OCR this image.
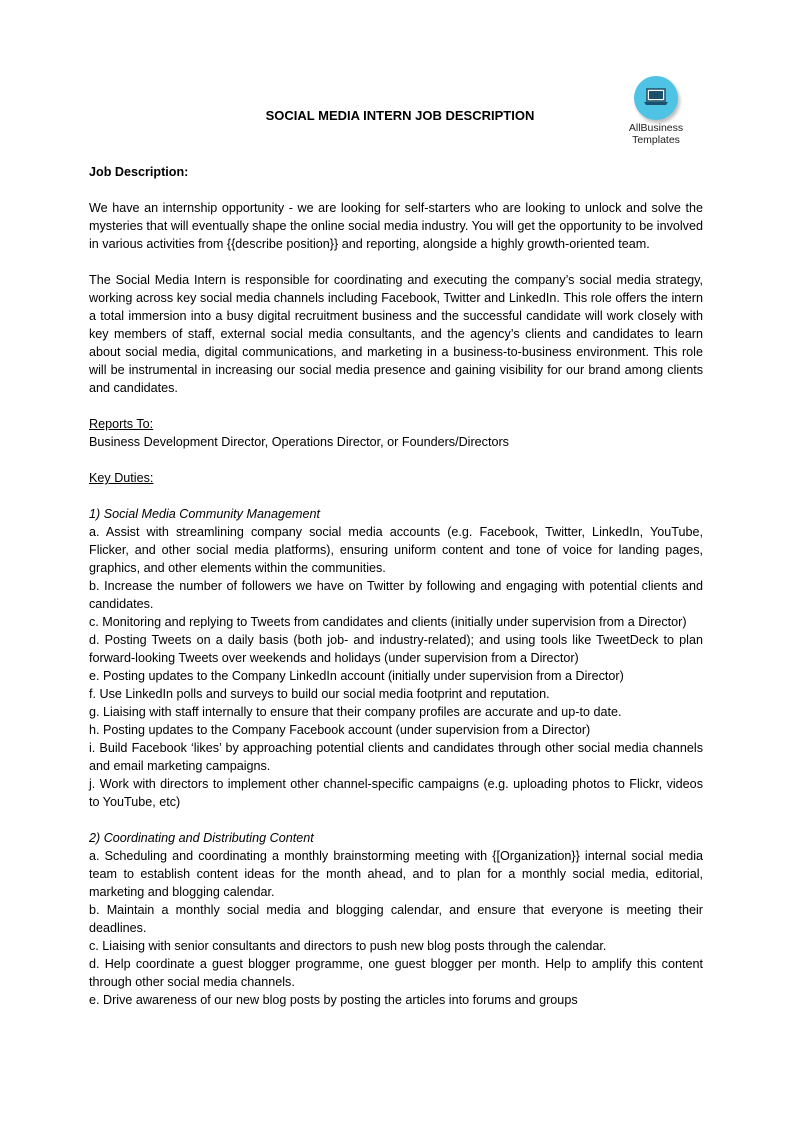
AllBusiness
Templates
SOCIAL MEDIA INTERN JOB DESCRIPTION

Job Description:

We have an internship opportunity - we are looking for self-starters who are looking to unlock and solve the mysteries that will eventually shape the online social media industry. You will get the opportunity to be involved in various activities from {{describe position}} and reporting, alongside a highly growth-oriented team.

The Social Media Intern is responsible for coordinating and executing the company’s social media strategy, working across key social media channels including Facebook, Twitter and LinkedIn. This role offers the intern a total immersion into a busy digital recruitment business and the successful candidate will work closely with key members of staff, external social media consultants, and the agency’s clients and candidates to learn about social media, digital communications, and marketing in a business-to-business environment. This role will be instrumental in increasing our social media presence and gaining visibility for our brand among clients and candidates.

Reports To:

Business Development Director, Operations Director, or Founders/Directors

Key Duties:

1) Social Media Community Management

a. Assist with streamlining company social media accounts (e.g. Facebook, Twitter, LinkedIn, YouTube, Flicker, and other social media platforms), ensuring uniform content and tone of voice for landing pages, graphics, and other elements within the communities.

b. Increase the number of followers we have on Twitter by following and engaging with potential clients and candidates.

c. Monitoring and replying to Tweets from candidates and clients (initially under supervision from a Director)

d. Posting Tweets on a daily basis (both job- and industry-related); and using tools like TweetDeck to plan forward-looking Tweets over weekends and holidays (under supervision from a Director)

e. Posting updates to the Company LinkedIn account (initially under supervision from a Director)

f. Use LinkedIn polls and surveys to build our social media footprint and reputation.

g. Liaising with staff internally to ensure that their company profiles are accurate and up-to date.

h. Posting updates to the Company Facebook account (under supervision from a Director)

i. Build Facebook ‘likes’ by approaching potential clients and candidates through other social media channels and email marketing campaigns.

j. Work with directors to implement other channel-specific campaigns (e.g. uploading photos to Flickr, videos to YouTube, etc)

2) Coordinating and Distributing Content

a. Scheduling and coordinating a monthly brainstorming meeting with {[Organization}} internal social media team to establish content ideas for the month ahead, and to plan for a monthly social media, editorial, marketing and blogging calendar.

b. Maintain a monthly social media and blogging calendar, and ensure that everyone is meeting their deadlines.

c. Liaising with senior consultants and directors to push new blog posts through the calendar.

d. Help coordinate a guest blogger programme, one guest blogger per month. Help to amplify this content through other social media channels.

e. Drive awareness of our new blog posts by posting the articles into forums and groups
